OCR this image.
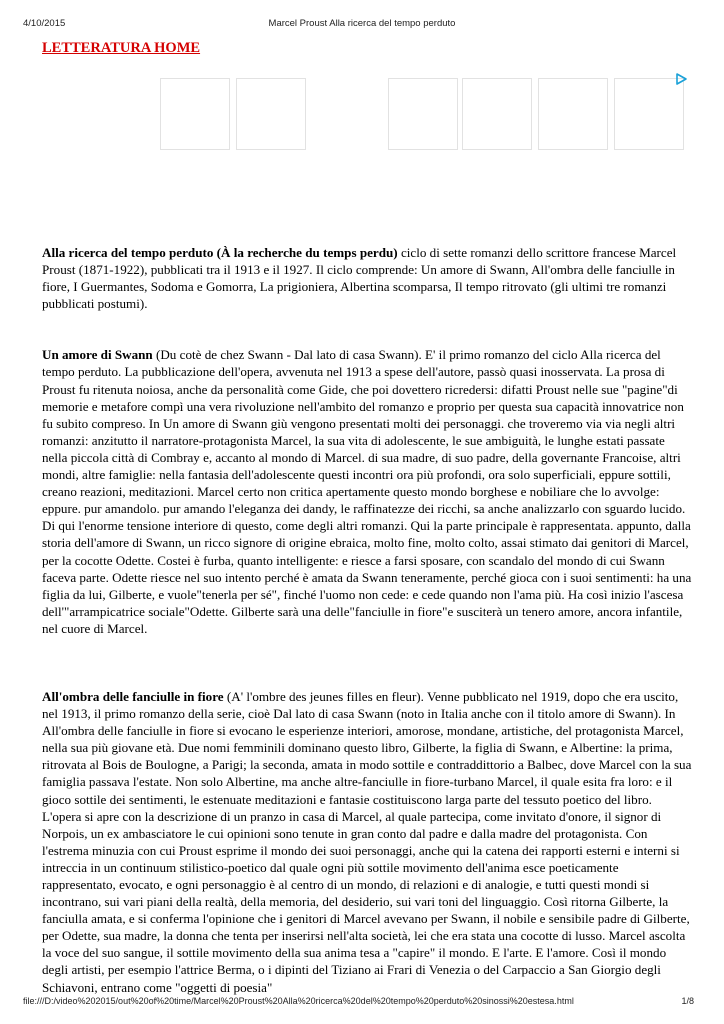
4/10/2015	Marcel Proust Alla ricerca del tempo perduto
LETTERATURA HOME

Alla ricerca del tempo perduto (À la recherche du temps perdu) ciclo di sette romanzi dello scrittore francese Marcel Proust (1871-1922), pubblicati tra il 1913 e il 1927. Il ciclo comprende: Un amore di Swann, All'ombra delle fanciulle in fiore, I Guermantes, Sodoma e Gomorra, La prigioniera, Albertina scomparsa, Il tempo ritrovato (gli ultimi tre romanzi pubblicati postumi).

Un amore di Swann (Du cotè de chez Swann - Dal lato di casa Swann). E' il primo romanzo del ciclo Alla ricerca del tempo perduto. La pubblicazione dell'opera, avvenuta nel 1913 a spese dell'autore, passò quasi inosservata. La prosa di Proust fu ritenuta noiosa, anche da personalità come Gide, che poi dovettero ricredersi: difatti Proust nelle sue "pagine"di memorie e metafore compì una vera rivoluzione nell'ambito del romanzo e proprio per questa sua capacità innovatrice non fu subito compreso. In Un amore di Swann giù vengono presentati molti dei personaggi. che troveremo via via negli altri romanzi: anzitutto il narratore-protagonista Marcel, la sua vita di adolescente, le sue ambiguità, le lunghe estati passate nella piccola città di Combray e, accanto al mondo di Marcel. di sua madre, di suo padre, della governante Francoise, altri mondi, altre famiglie: nella fantasia dell'adolescente questi incontri ora più profondi, ora solo superficiali, eppure sottili, creano reazioni, meditazioni. Marcel certo non critica apertamente questo mondo borghese e nobiliare che lo avvolge: eppure. pur amandolo. pur amando l'eleganza dei dandy, le raffinatezze dei ricchi, sa anche analizzarlo con sguardo lucido. Di qui l'enorme tensione interiore di questo, come degli altri romanzi. Qui la parte principale è rappresentata. appunto, dalla storia dell'amore di Swann, un ricco signore di origine ebraica, molto fine, molto colto, assai stimato dai genitori di Marcel, per la cocotte Odette. Costei è furba, quanto intelligente: e riesce a farsi sposare, con scandalo del mondo di cui Swann faceva parte. Odette riesce nel suo intento perché è amata da Swann teneramente, perché gioca con i suoi sentimenti: ha una figlia da lui, Gilberte, e vuole"tenerla per sé", finché l'uomo non cede: e cede quando non l'ama più. Ha così inizio l'ascesa dell'"arrampicatrice sociale"Odette. Gilberte sarà una delle"fanciulle in fiore"e susciterà un tenero amore, ancora infantile, nel cuore di Marcel.

All'ombra delle fanciulle in fiore (A' l'ombre des jeunes filles en fleur). Venne pubblicato nel 1919, dopo che era uscito, nel 1913, il primo romanzo della serie, cioè Dal lato di casa Swann (noto in Italia anche con il titolo amore di Swann). In All'ombra delle fanciulle in fiore si evocano le esperienze interiori, amorose, mondane, artistiche, del protagonista Marcel, nella sua più giovane età. Due nomi femminili dominano questo libro, Gilberte, la figlia di Swann, e Albertine: la prima, ritrovata al Bois de Boulogne, a Parigi; la seconda, amata in modo sottile e contraddittorio a Balbec, dove Marcel con la sua famiglia passava l'estate. Non solo Albertine, ma anche altre-fanciulle in fiore-turbano Marcel, il quale esita fra loro: e il gioco sottile dei sentimenti, le estenuate meditazioni e fantasie costituiscono larga parte del tessuto poetico del libro. L'opera si apre con la descrizione di un pranzo in casa di Marcel, al quale partecipa, come invitato d'onore, il signor di Norpois, un ex ambasciatore le cui opinioni sono tenute in gran conto dal padre e dalla madre del protagonista. Con l'estrema minuzia con cui Proust esprime il mondo dei suoi personaggi, anche qui la catena dei rapporti esterni e interni si intreccia in un continuum stilistico-poetico dal quale ogni più sottile movimento dell'anima esce poeticamente rappresentato, evocato, e ogni personaggio è al centro di un mondo, di relazioni e di analogie, e tutti questi mondi si incontrano, sui vari piani della realtà, della memoria, del desiderio, sui vari toni del linguaggio. Così ritorna Gilberte, la fanciulla amata, e si conferma l'opinione che i genitori di Marcel avevano per Swann, il nobile e sensibile padre di Gilberte, per Odette, sua madre, la donna che tenta per inserirsi nell'alta società, lei che era stata una cocotte di lusso. Marcel ascolta la voce del suo sangue, il sottile movimento della sua anima tesa a "capire" il mondo. E l'arte. E l'amore. Così il mondo degli artisti, per esempio l'attrice Berma, o i dipinti del Tiziano ai Frari di Venezia o del Carpaccio a San Giorgio degli Schiavoni, entrano come "oggetti di poesia"

file:///D:/video%202015/out%20of%20time/Marcel%20Proust%20Alla%20ricerca%20del%20tempo%20perduto%20sinossi%20estesa.html	1/8
